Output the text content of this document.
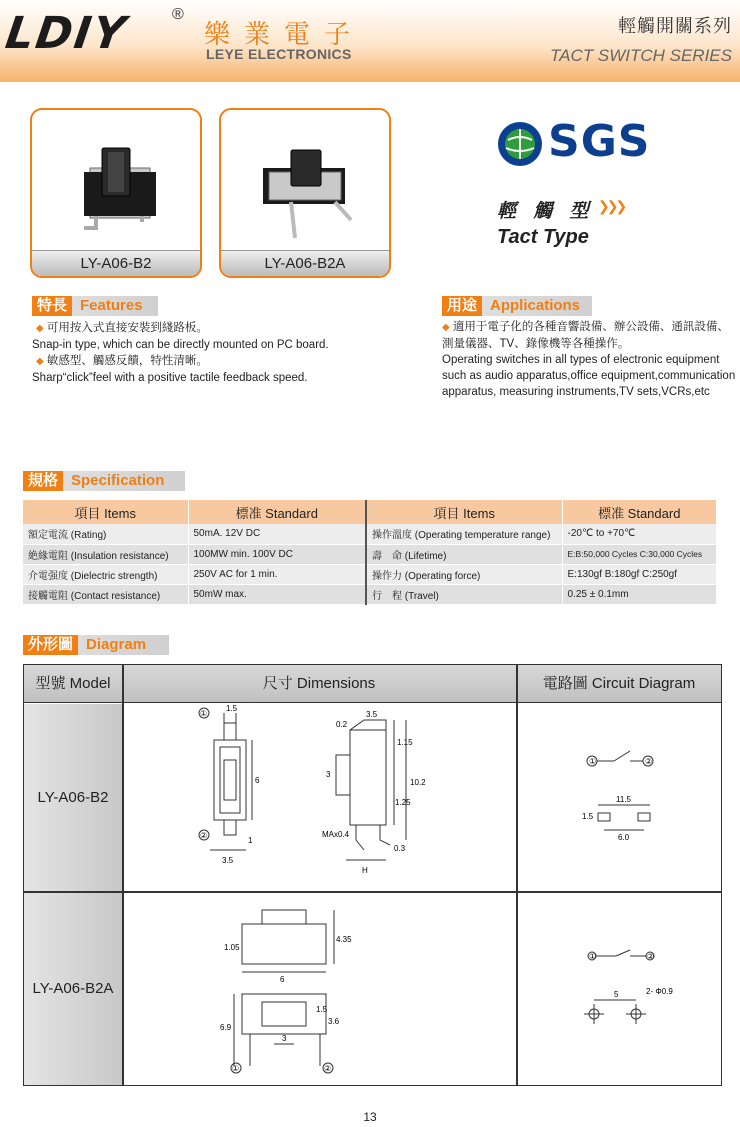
LDIY	®
樂業電子
LEYE ELECTRONICS
輕觸開關系列
TACT SWITCH SERIES
LY-A06-B2	LY-A06-B2A
SGS
輕 觸 型 ❯❯❯
Tact Type
特長 Features
◆ 可用按入式直接安裝到綫路板。
Snap-in type, which can be directly mounted on PC board.
◆ 敏感型、觸感反饋，特性清晰。
Sharp“click”feel with a positive tactile feedback speed.
用途 Applications
◆ 適用于電子化的各種音響設備、辦公設備、通訊設備、
測量儀器、TV、錄像機等各種操作。
Operating switches in all types of electronic equipment
such as audio apparatus,office equipment,communication
apparatus, measuring instruments,TV sets,VCRs,etc
規格 Specification
項目 Items	標准 Standard	項目 Items	標准 Standard
額定電流 (Rating)	50mA. 12V DC	操作溫度 (Operating temperature range)	-20℃ to +70℃
絶緣電阻 (Insulation resistance)	100MW min. 100V DC	壽　命 (Lifetime)	E:B:50,000 Cycles C:30,000 Cycles
介電强度 (Dielectric strength)	250V AC for 1 min.	操作力 (Operating force)	E:130gf B:180gf C:250gf
接觸電阻 (Contact resistance)	50mW max.	行　程 (Travel)	0.25 ± 0.1mm
外形圖 Diagram
型號 Model	尺寸 Dimensions	電路圖 Circuit Diagram
LY-A06-B2
LY-A06-B2A
①
②
1.5
6
3.5
1
3.5
0.2
1.15
10.2
1.25
3
MAx0.4
0.3
H
①	②
11.5
1.5
6.0
①	②
4.35
1.05
6
6.9
1.5
3.6
3
①	②
5	2- Φ0.9
13
